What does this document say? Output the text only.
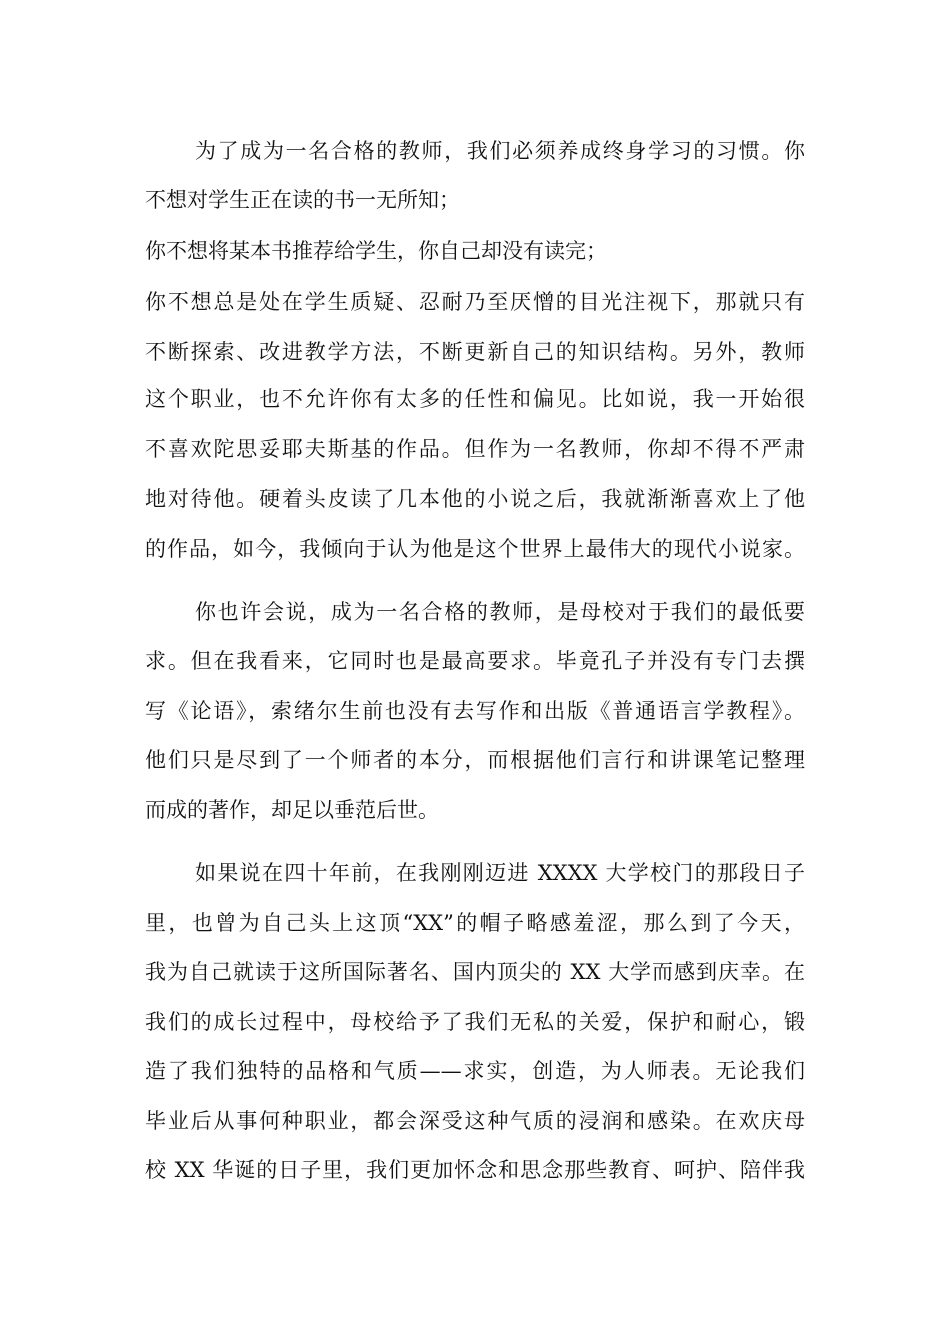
为了成为一名合格的教师，我们必须养成终身学习的习惯。你

不想对学生正在读的书一无所知；

你不想将某本书推荐给学生，你自己却没有读完；

你不想总是处在学生质疑、忍耐乃至厌憎的目光注视下，那就只有

不断探索、改进教学方法，不断更新自己的知识结构。另外，教师

这个职业，也不允许你有太多的任性和偏见。比如说，我一开始很

不喜欢陀思妥耶夫斯基的作品。但作为一名教师，你却不得不严肃

地对待他。硬着头皮读了几本他的小说之后，我就渐渐喜欢上了他

的作品，如今，我倾向于认为他是这个世界上最伟大的现代小说家。

你也许会说，成为一名合格的教师，是母校对于我们的最低要

求。但在我看来，它同时也是最高要求。毕竟孔子并没有专门去撰

写《论语》，索绪尔生前也没有去写作和出版《普通语言学教程》。

他们只是尽到了一个师者的本分，而根据他们言行和讲课笔记整理

而成的著作，却足以垂范后世。

如果说在四十年前，在我刚刚迈进 XXXX 大学校门的那段日子

里，也曾为自己头上这顶“XX”的帽子略感羞涩，那么到了今天，

我为自己就读于这所国际著名、国内顶尖的 XX 大学而感到庆幸。在

我们的成长过程中，母校给予了我们无私的关爱，保护和耐心，锻

造了我们独特的品格和气质——求实，创造，为人师表。无论我们

毕业后从事何种职业，都会深受这种气质的浸润和感染。在欢庆母

校 XX 华诞的日子里，我们更加怀念和思念那些教育、呵护、陪伴我
